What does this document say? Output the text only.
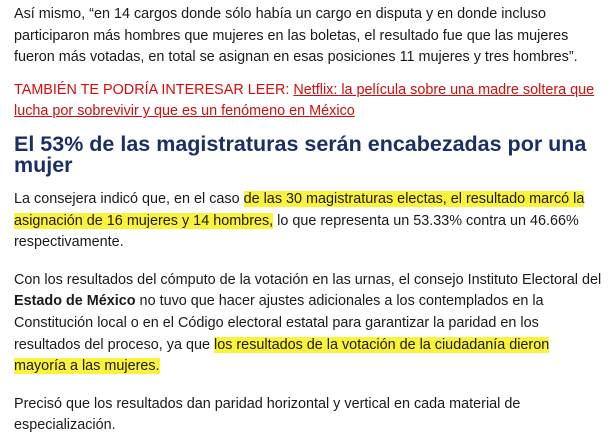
Así mismo, “en 14 cargos donde sólo había un cargo en disputa y en donde incluso participaron más hombres que mujeres en las boletas, el resultado fue que las mujeres fueron más votadas, en total se asignan en esas posiciones 11 mujeres y tres hombres”.

TAMBIÉN TE PODRÍA INTERESAR LEER: Netflix: la película sobre una madre soltera que lucha por sobrevivir y que es un fenómeno en México

El 53% de las magistraturas serán encabezadas por una mujer

La consejera indicó que, en el caso de las 30 magistraturas electas, el resultado marcó la asignación de 16 mujeres y 14 hombres, lo que representa un 53.33% contra un 46.66% respectivamente.

Con los resultados del cómputo de la votación en las urnas, el consejo Instituto Electoral del Estado de México no tuvo que hacer ajustes adicionales a los contemplados en la Constitución local o en el Código electoral estatal para garantizar la paridad en los resultados del proceso, ya que los resultados de la votación de la ciudadanía dieron mayoría a las mujeres.

Precisó que los resultados dan paridad horizontal y vertical en cada material de especialización.
